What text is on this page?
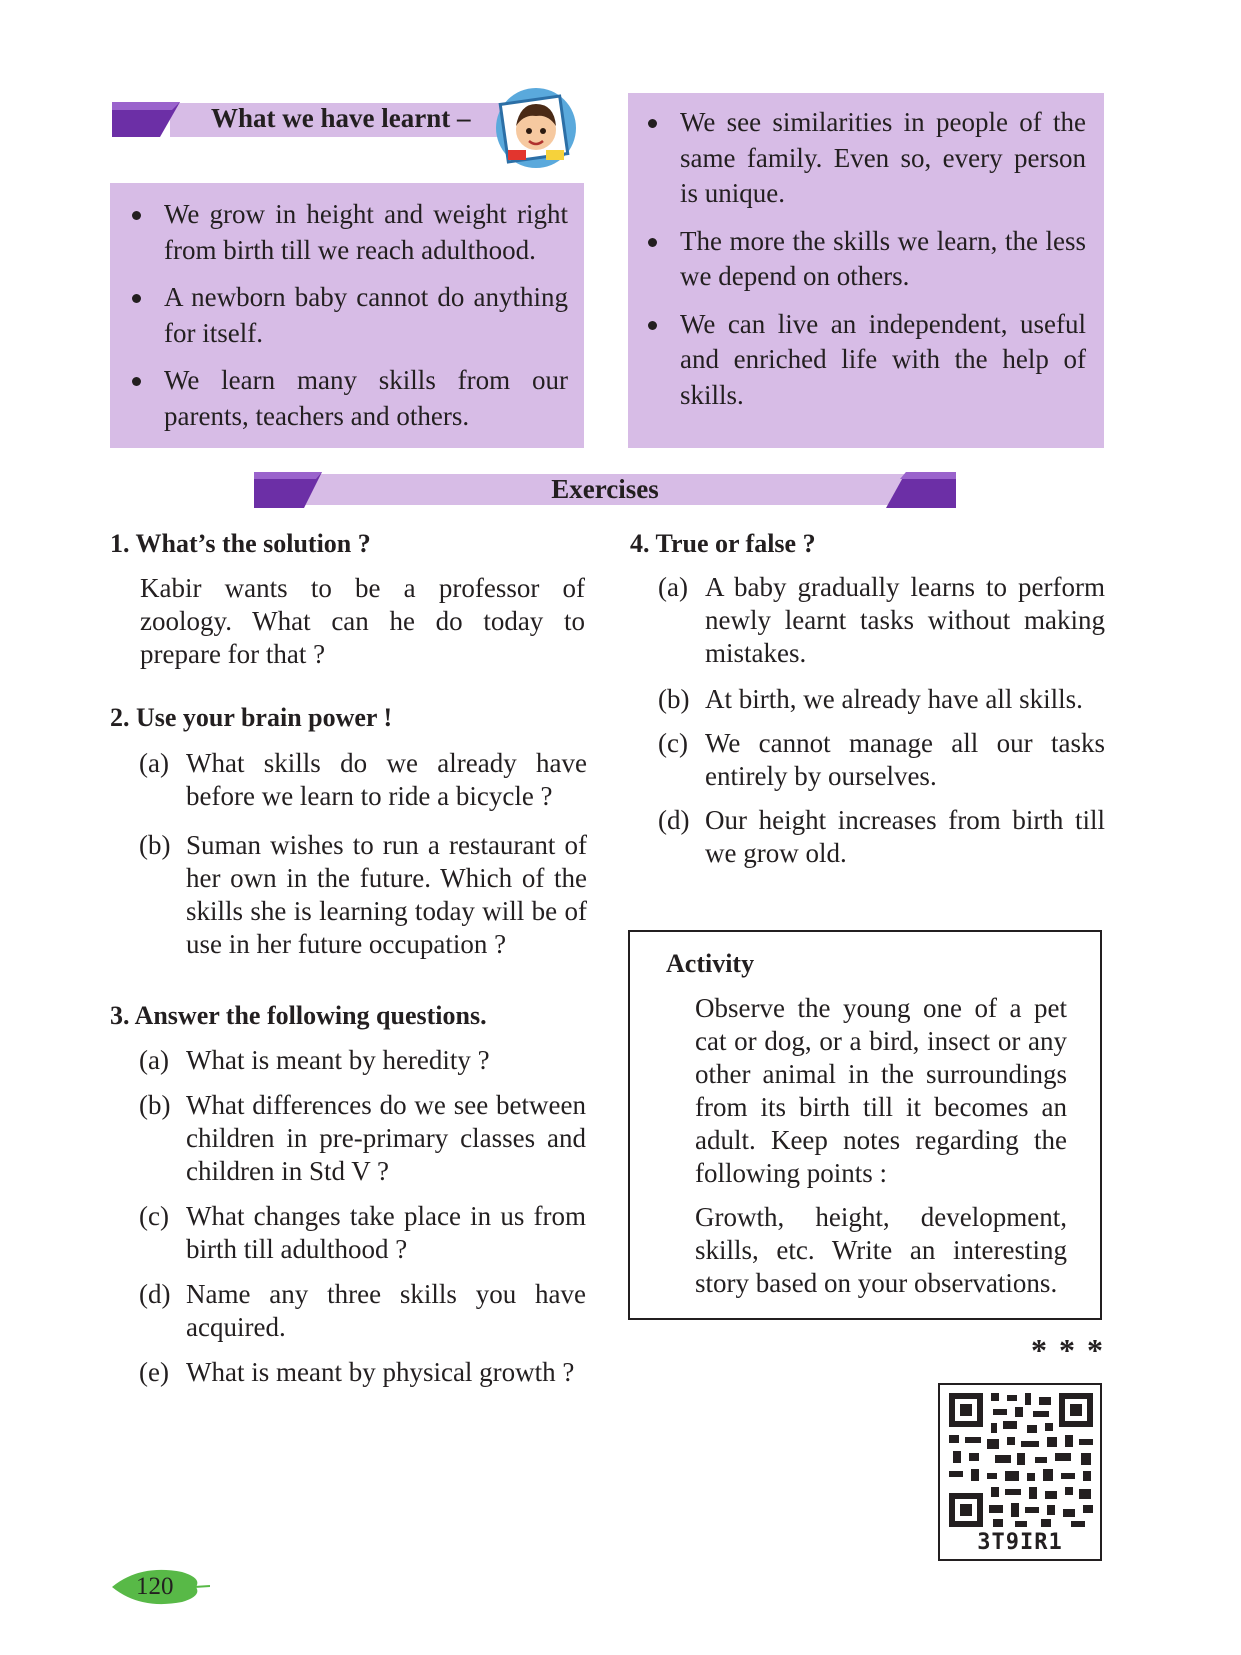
What we have learnt –
We grow in height and weight right from birth till we reach adulthood.
A newborn baby cannot do anything for itself.
We learn many skills from our parents, teachers and others.
We see similarities in people of the same family. Even so, every person is unique.
The more the skills we learn, the less we depend on others.
We can live an independent, useful and enriched life with the help of skills.
Exercises
1. What’s the solution ?
Kabir wants to be a professor of zoology. What can he do today to prepare for that ?
2. Use your brain power !
(a) What skills do we already have before we learn to ride a bicycle ?
(b) Suman wishes to run a restaurant of her own in the future. Which of the skills she is learning today will be of use in her future occupation ?
3. Answer the following questions.
(a) What is meant by heredity ?
(b) What differences do we see between children in pre-primary classes and children in Std V ?
(c) What changes take place in us from birth till adulthood ?
(d) Name any three skills you have acquired.
(e) What is meant by physical growth ?
4. True or false ?
(a) A baby gradually learns to perform newly learnt tasks without making mistakes.
(b) At birth, we already have all skills.
(c) We cannot manage all our tasks entirely by ourselves.
(d) Our height increases from birth till we grow old.
Activity
Observe the young one of a pet cat or dog, or a bird, insect or any other animal in the surroundings from its birth till it becomes an adult. Keep notes regarding the following points :
Growth, height, development, skills, etc. Write an interesting story based on your observations.
* * *
3T9IR1
120
